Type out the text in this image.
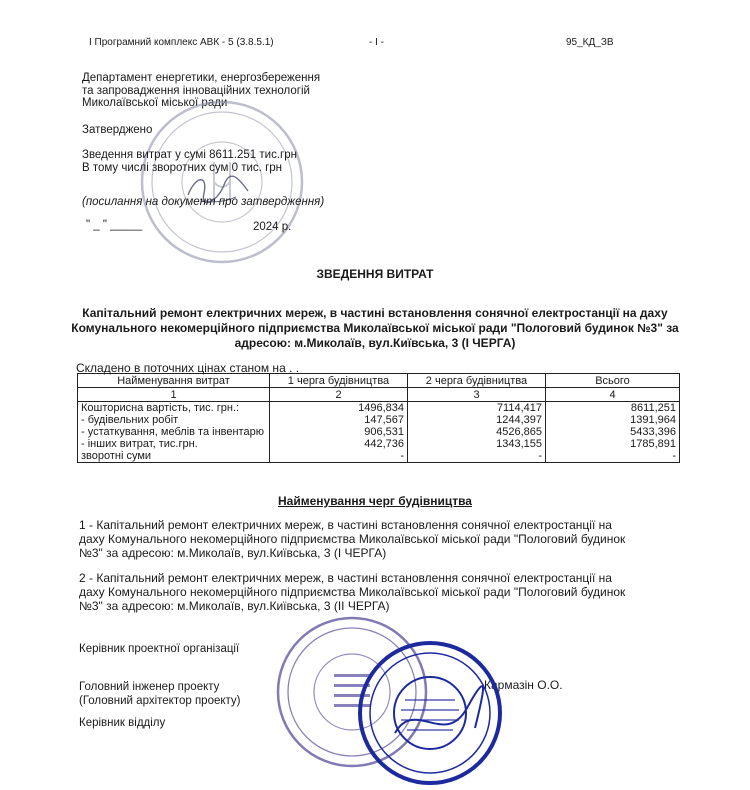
І Програмний комплекс АВК - 5 (3.8.5.1)	- І -	95_КД_ЗВ
Департамент енергетики, енергозбереження
та запровадження інноваційних технологій
Миколаївської міської ради
Затверджено
Зведення витрат у сумі 8611.251 тис.грн
В тому числі зворотних сум 0 тис. грн
(посилання на документ про затвердження)
" _ " _____	2024 р.
ЗВЕДЕННЯ ВИТРАТ
Капітальний ремонт електричних мереж, в частині встановлення сонячної електростанції на даху Комунального некомерційного підприємства Миколаївської міської ради "Пологовий будинок №3" за адресою: м.Миколаїв, вул.Київська, 3 (І ЧЕРГА)
Складено в поточних цінах станом на . .
Найменування витрат	1 черга будівництва	2 черга будівництва	Всього
1	2	3	4
Кошторисна вартість, тис. грн.:	1496,834	7114,417	8611,251
- будівельних робіт	147,567	1244,397	1391,964
- устаткування, меблів та інвентарю	906,531	4526,865	5433,396
- інших витрат, тис.грн.	442,736	1343,155	1785,891
зворотні суми	-	-	-
Найменування черг будівництва
1 - Капітальний ремонт електричних мереж, в частині встановлення сонячної електростанції на даху Комунального некомерційного підприємства Миколаївської міської ради "Пологовий будинок №3" за адресою: м.Миколаїв, вул.Київська, 3 (І ЧЕРГА)
2 - Капітальний ремонт електричних мереж, в частині встановлення сонячної електростанції на даху Комунального некомерційного підприємства Миколаївської міської ради "Пологовий будинок №3" за адресою: м.Миколаїв, вул.Київська, 3 (ІІ ЧЕРГА)
Керівник проектної організації
Головний інженер проекту
(Головний архітектор проекту)
Керівник відділу
Кармазін О.О.
